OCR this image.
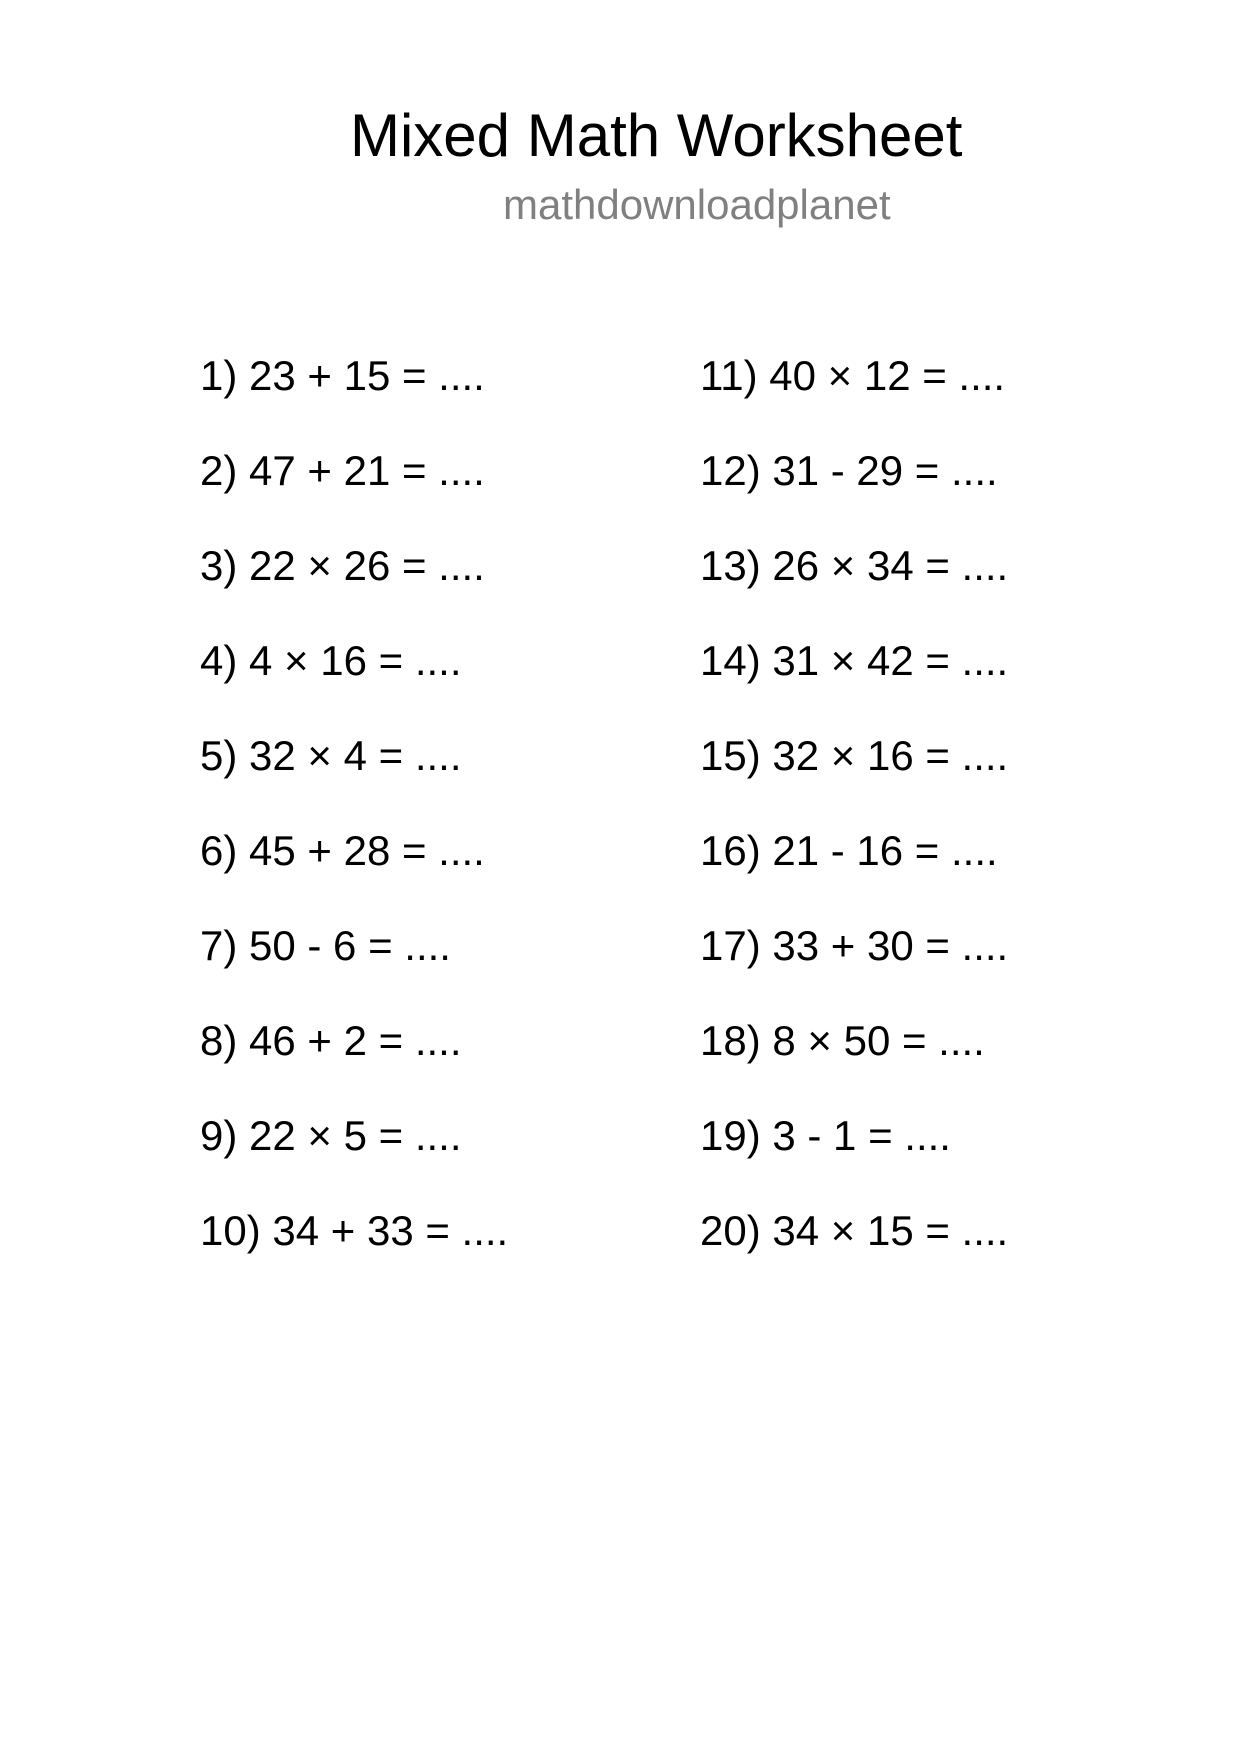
Mixed Math Worksheet
mathdownloadplanet
1) 23 + 15 = ....
2) 47 + 21 = ....
3) 22 × 26 = ....
4) 4 × 16 = ....
5) 32 × 4 = ....
6) 45 + 28 = ....
7) 50 - 6 = ....
8) 46 + 2 = ....
9) 22 × 5 = ....
10) 34 + 33 = ....
11) 40 × 12 = ....
12) 31 - 29 = ....
13) 26 × 34 = ....
14) 31 × 42 = ....
15) 32 × 16 = ....
16) 21 - 16 = ....
17) 33 + 30 = ....
18) 8 × 50 = ....
19) 3 - 1 = ....
20) 34 × 15 = ....
